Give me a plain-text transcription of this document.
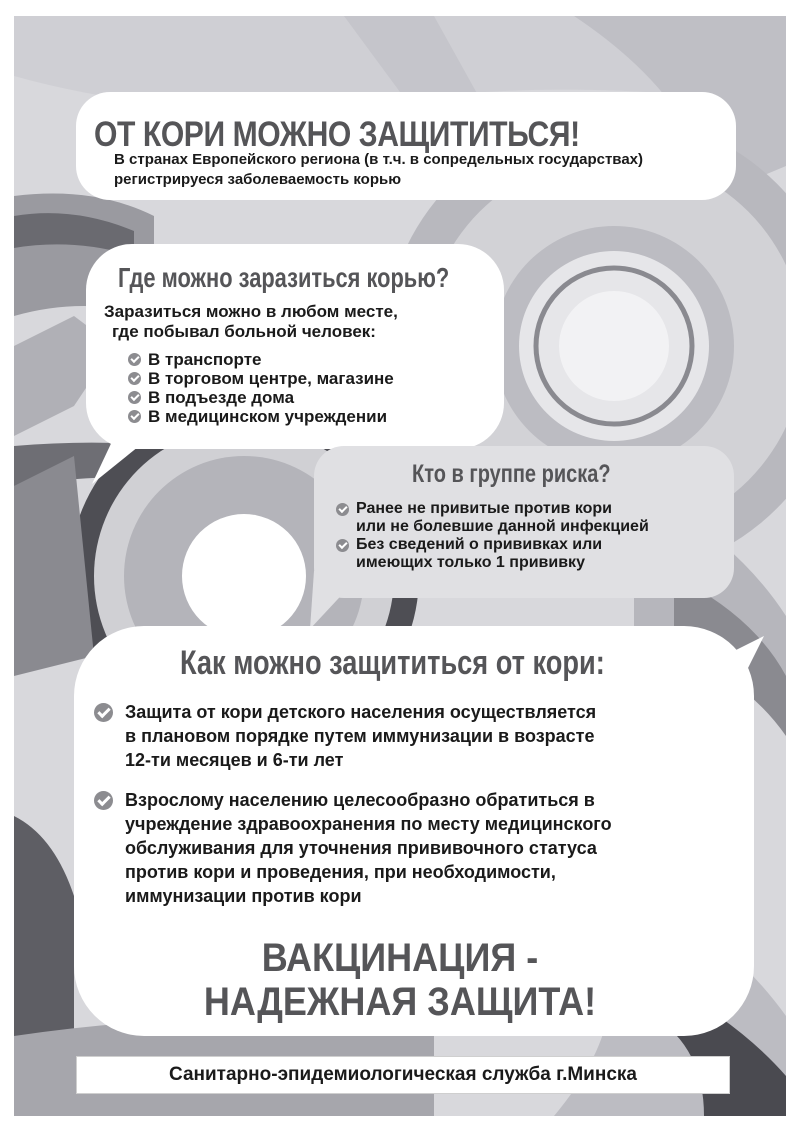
ОТ КОРИ МОЖНО ЗАЩИТИТЬСЯ!

В странах Европейского региона (в т.ч. в сопредельных государствах)

регистрируеся заболеваемость корью

Где можно заразиться корью?

Заразиться можно в любом месте,

где побывал больной человек:

В транспорте
В торговом центре, магазине
В подъезде дома
В медицинском учреждении

Кто в группе риска?

Ранее не привитые против кори
или не болевшие данной инфекцией
Без сведений о прививках или
имеющих только 1 прививку

Как можно защититься от кори:

Защита от кори детского населения осуществляется
в плановом порядке путем иммунизации в возрасте
12-ти месяцев и 6-ти лет
Взрослому населению целесообразно обратиться в
учреждение здравоохранения по месту медицинского
обслуживания для уточнения прививочного статуса
против кори и проведения, при необходимости,
иммунизации против кори

ВАКЦИНАЦИЯ -
НАДЕЖНАЯ ЗАЩИТА!

Санитарно-эпидемиологическая служба г.Минска
